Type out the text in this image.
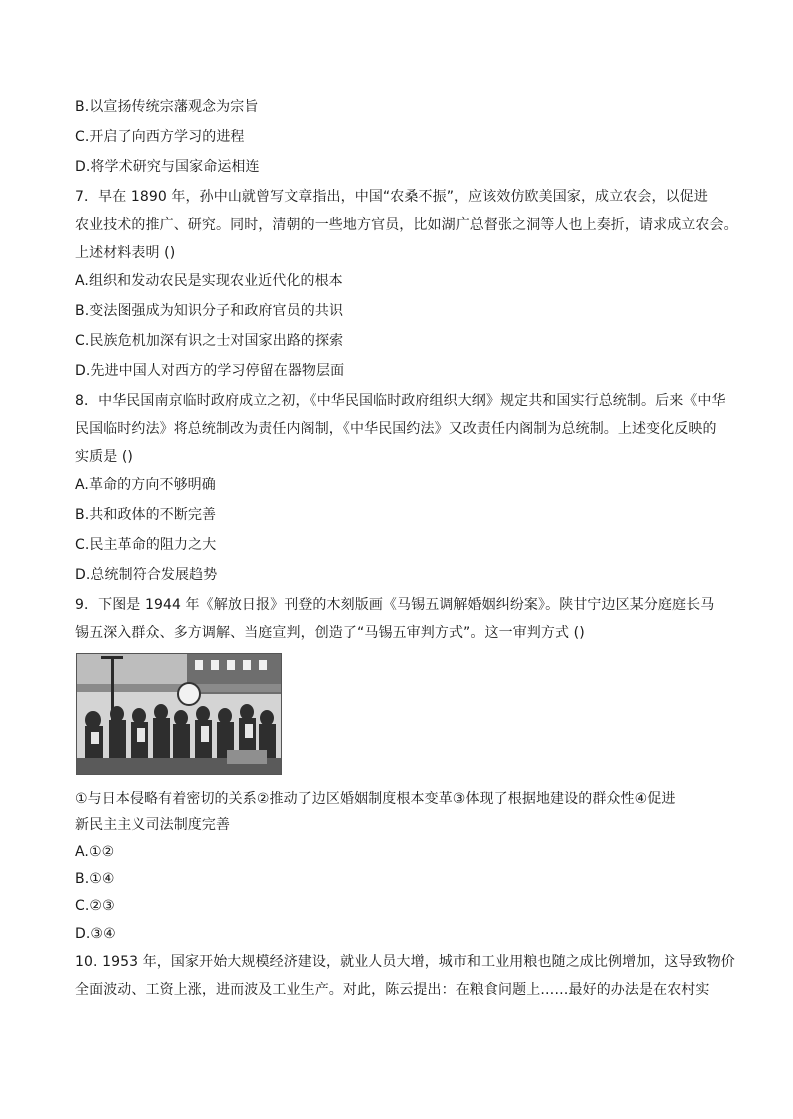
B.以宣扬传统宗藩观念为宗旨
C.开启了向西方学习的进程
D.将学术研究与国家命运相连
7．早在 1890 年，孙中山就曾写文章指出，中国“农桑不振”，应该效仿欧美国家，成立农会，以促进
农业技术的推广、研究。同时，清朝的一些地方官员，比如湖广总督张之洞等人也上奏折，请求成立农会。
上述材料表明 ()
A.组织和发动农民是实现农业近代化的根本
B.变法图强成为知识分子和政府官员的共识
C.民族危机加深有识之士对国家出路的探索
D.先进中国人对西方的学习停留在器物层面
8．中华民国南京临时政府成立之初，《中华民国临时政府组织大纲》规定共和国实行总统制。后来《中华
民国临时约法》将总统制改为责任内阁制，《中华民国约法》又改责任内阁制为总统制。上述变化反映的
实质是 ()
A.革命的方向不够明确
B.共和政体的不断完善
C.民主革命的阻力之大
D.总统制符合发展趋势
9．下图是 1944 年《解放日报》刊登的木刻版画《马锡五调解婚姻纠纷案》。陕甘宁边区某分庭庭长马
锡五深入群众、多方调解、当庭宣判，创造了“马锡五审判方式”。这一审判方式 ()
①与日本侵略有着密切的关系②推动了边区婚姻制度根本变革③体现了根据地建设的群众性④促进
新民主主义司法制度完善
A.①②
B.①④
C.②③
D.③④
10. 1953 年，国家开始大规模经济建设，就业人员大增，城市和工业用粮也随之成比例增加，这导致物价
全面波动、工资上涨，进而波及工业生产。对此，陈云提出：在粮食问题上……最好的办法是在农村实
